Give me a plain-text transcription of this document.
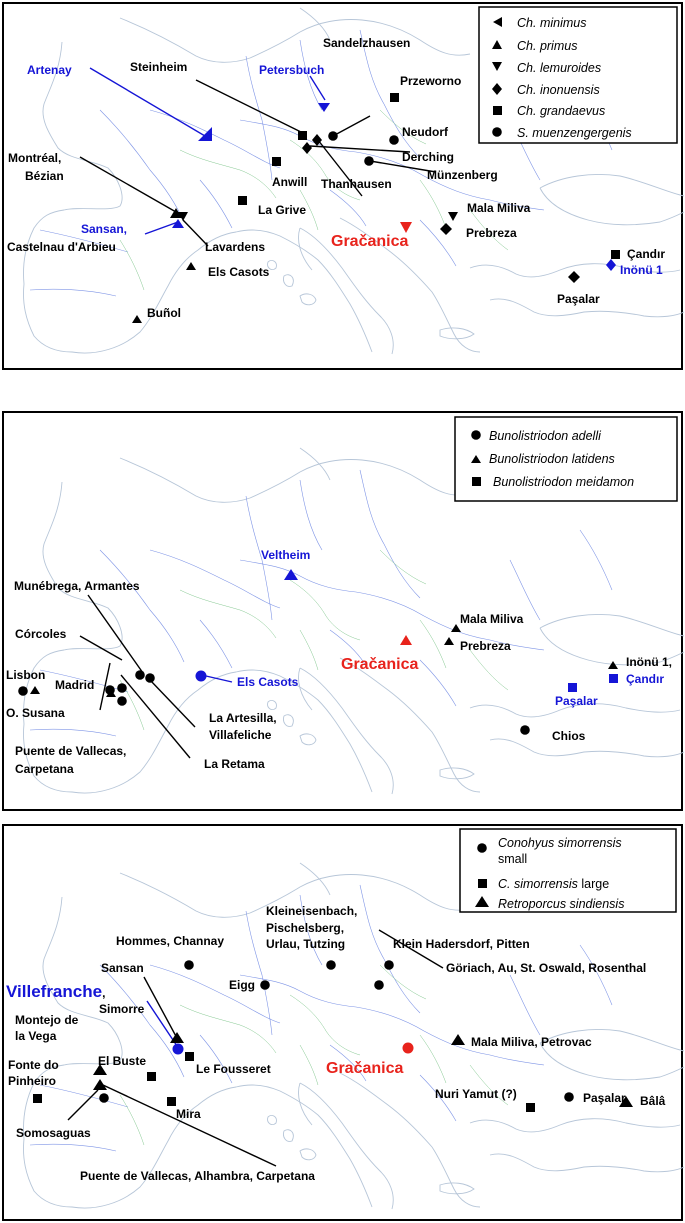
Artenay	Steinheim
Sandelzhausen
Petersbuch
Przeworno
Neudorf
Derching
Münzenberg
Thanhausen
Anwill
La Grive
Montréal,
Bézian
Sansan,
Castelnau d'Arbieu	Lavardens
Els Casots
Buñol
Gračanica
Mala Miliva
Prebreza
Çandır
Inönü 1
Paşalar
Ch. minimus
Ch. primus
Ch. lemuroides
Ch. inonuensis
Ch. grandaevus
S. muenzengergenis
Veltheim
Munébrega, Armantes
Córcoles
Lisbon
Madrid
O. Susana
Els Casots
Puente de Vallecas,
Carpetana
La Artesilla,
Villafeliche
La Retama
Gračanica
Mala Miliva
Prebreza
Inönü 1,
Çandır
Paşalar
Chios
Bunolistriodon adelli
Bunolistriodon latidens
Bunolistriodon meidamon
Kleineisenbach,
Pischelsberg,
Urlau, Tutzing
Hommes, Channay	Klein Hadersdorf, Pitten
Sansan
Eigg
Göriach, Au, St. Oswald, Rosenthal
Villefranche,
Simorre
Montejo de
la Vega
El Buste
Le Fousseret
Fonte do
Pinheiro
Mira
Somosaguas
Puente de Vallecas, Alhambra, Carpetana
Gračanica
Mala Miliva, Petrovac
Nuri Yamut (?)	Paşalar Bâlâ
Conohyus simorrensis
small
C. simorrensis large
Retroporcus sindiensis
